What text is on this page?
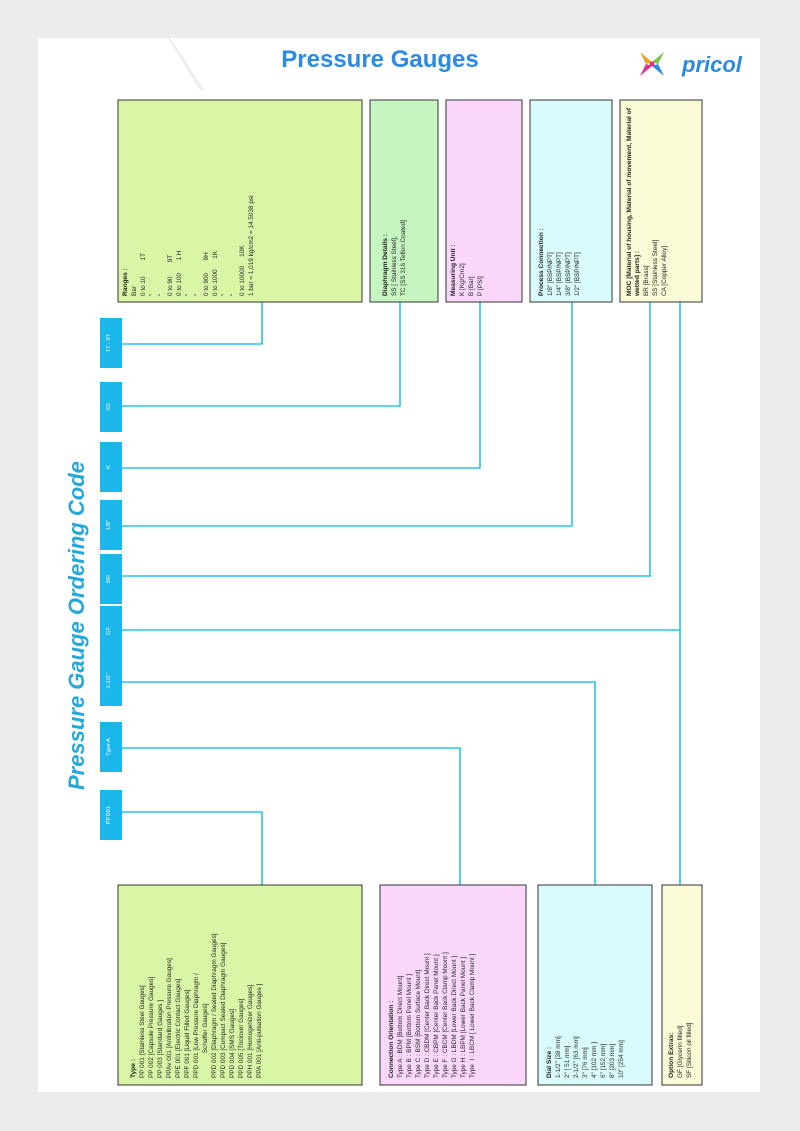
Pressure Gauges	pricol
Pressure Gauge Ordering Code
PPD01
Type A
1-1/2"
GF
BR
1/8"
K
SS
1T : 9T
Ranges : Bar 0 to 10         1T " " 0 to 90        9T 0 to 100       1 H " " 0 to 900       9H 0 to 1000      1K " " 0 to 10000     10K 1 bar = 1.019 kg/cm2 = 14.5038 psi	Diaphragm Details : SS [ Stainless Steel], TC [SS 316 Teflon Coated]	Measuring Unit : K [Kg/Cm2] B [Bar] P [PSI]	Process Connection : 1/8" [BSP/NPT] 1/4" [BSP/NPT] 3/8" [BSP/NPT] 1/2" [BSP/NPT]	MOC [Material of housing, Material of movement, Material of wetted parts] : BR [Brass] SS [Stainless Steel] CA [Copper Alloy]
Type : PP 001 [Stainless Steel Gauges] PP 002 [Capsule Pressure Gauges] PP 003 [Standard Gauges ] PPAv 001 [Antivibration Pressure Gauges] PPE 001 [Electric Contact Gauges] PPF 001 [Liquid Filled Gauges] PPD 001 [Low Pressure Diaphragm / Schaffer Gauges] PPD 002 [Diaphragm / Sealed Diaphragm Gauges] PPD 003 [Compact Sealed Diaphragm Gauges] PPD 004 [SMS Gauges] PPD 005 [Triclover Gauges] PPH 001 [Homogenizer Gauges] PPA 001 [Anti-pulsation Gauges ]	Connection Orientation : Type A : BDM [Bottom Direct Mount] Type B : BPM [Bottom Panel Mount ] Type C : BSM [Bottom Surface Mount] Type D : CBDM [Center Back Direct Mount ] Type E : CBPM [Center Back Panel Mount ] Type F : CBCM [Center Back Clamp Mount ] Type G : LBDM [Lower Back Direct Mount ] Type H : LBPM [Lower Back Panel Mount ] Type  I : LBCM [ Lower Back Clamp Mount ]	Dial Size : 1-1/2" [38 mm] 2" [ 51 mm] 2-1/2" [63 mm] 3" [76 mm] 4" [102 mm ] 6" [152 mm] 8" [203 mm] 10" [254 mm]	Option Extras: GF [Glycerin filled] SF [Silicon oil filled]
